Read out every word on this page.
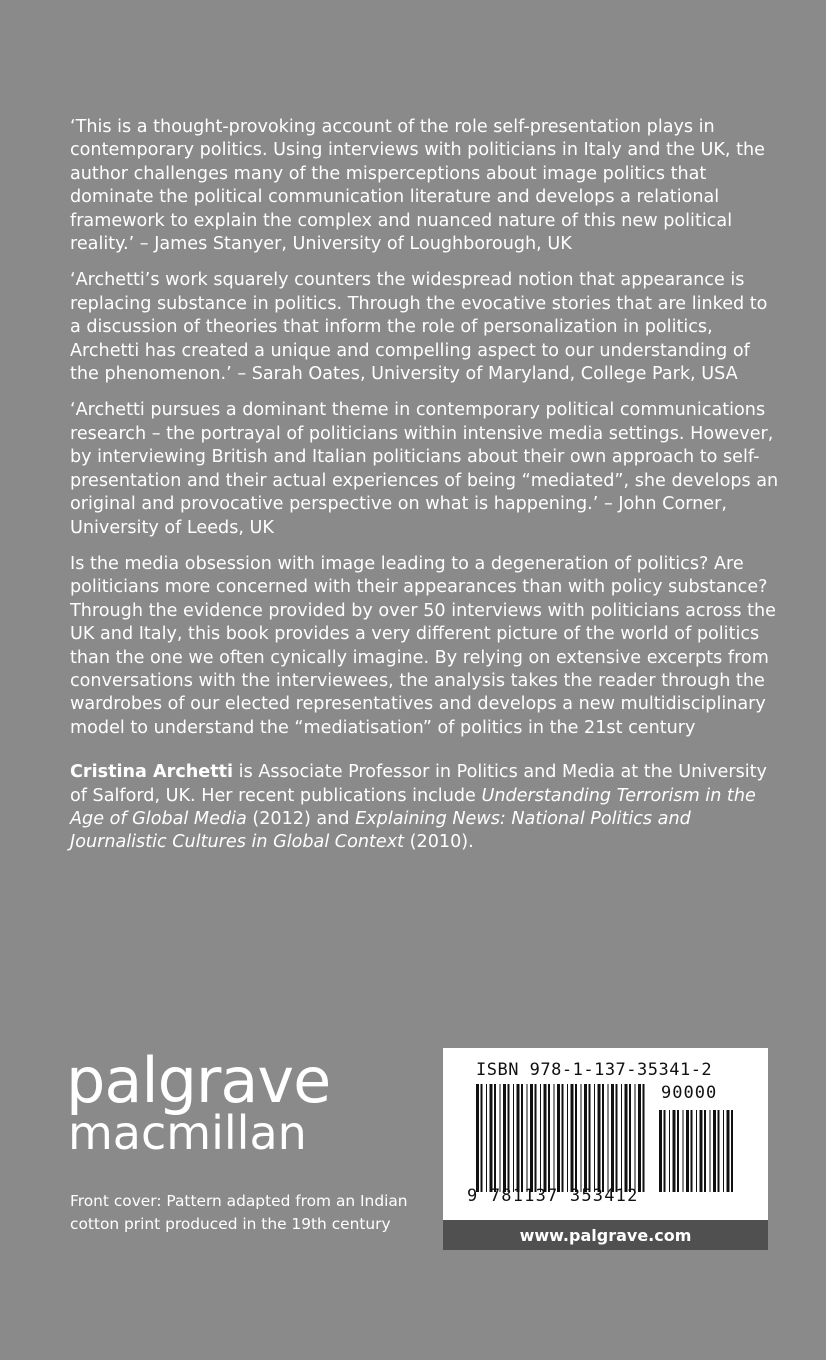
‘This is a thought-provoking account of the role self-presentation plays in contemporary politics. Using interviews with politicians in Italy and the UK, the author challenges many of the misperceptions about image politics that dominate the political communication literature and develops a relational framework to explain the complex and nuanced nature of this new political reality.’ – James Stanyer, University of Loughborough, UK

‘Archetti’s work squarely counters the widespread notion that appearance is replacing substance in politics. Through the evocative stories that are linked to a discussion of theories that inform the role of personalization in politics, Archetti has created a unique and compelling aspect to our understanding of the phenomenon.’ – Sarah Oates, University of Maryland, College Park, USA

‘Archetti pursues a dominant theme in contemporary political communications research – the portrayal of politicians within intensive media settings. However, by interviewing British and Italian politicians about their own approach to self-presentation and their actual experiences of being “mediated”, she develops an original and provocative perspective on what is happening.’ – John Corner, University of Leeds, UK

Is the media obsession with image leading to a degeneration of politics? Are politicians more concerned with their appearances than with policy substance? Through the evidence provided by over 50 interviews with politicians across the UK and Italy, this book provides a very different picture of the world of politics than the one we often cynically imagine. By relying on extensive excerpts from conversations with the interviewees, the analysis takes the reader through the wardrobes of our elected representatives and develops a new multidisciplinary model to understand the “mediatisation” of politics in the 21st century

Cristina Archetti is Associate Professor in Politics and Media at the University of Salford, UK. Her recent publications include Understanding Terrorism in the Age of Global Media (2012) and Explaining News: National Politics and Journalistic Cultures in Global Context (2010).

palgrave
macmillan
Front cover: Pattern adapted from an Indian cotton print produced in the 19th century
ISBN 978-1-137-35341-2
90000
9 781137 353412
www.palgrave.com
